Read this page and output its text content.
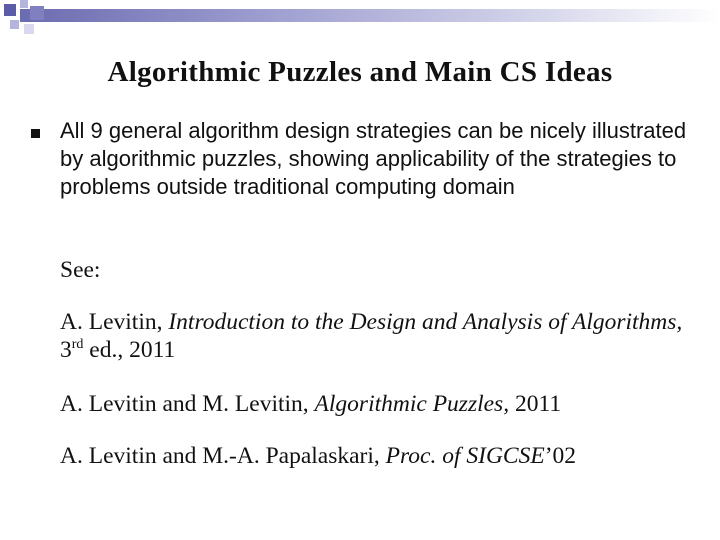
Algorithmic Puzzles and Main CS Ideas
All 9 general algorithm design strategies can be nicely illustrated by algorithmic puzzles, showing applicability of the strategies to problems outside traditional computing domain
See:
A. Levitin, Introduction to the Design and Analysis of Algorithms, 3rd ed., 2011
A. Levitin and M. Levitin, Algorithmic Puzzles, 2011
A. Levitin and M.-A. Papalaskari, Proc. of SIGCSE’02
